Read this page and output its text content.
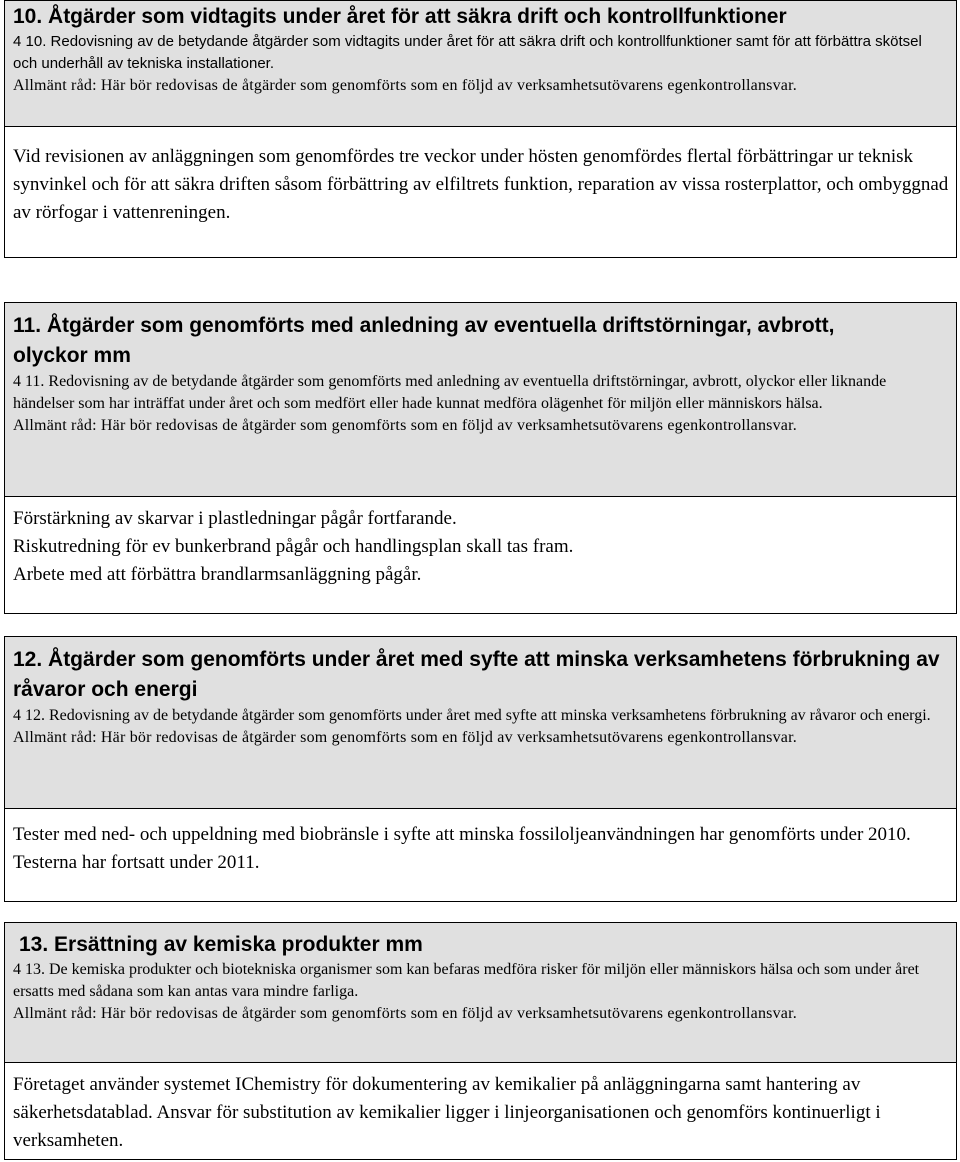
10. Åtgärder som vidtagits under året för att säkra drift och kontrollfunktioner

4 10. Redovisning av de betydande åtgärder som vidtagits under året för att säkra drift och kontrollfunktioner samt för att förbättra skötsel och underhåll av tekniska installationer.

Allmänt råd: Här bör redovisas de åtgärder som genomförts som en följd av verksamhetsutövarens egenkontrollansvar.

Vid revisionen av anläggningen som genomfördes tre veckor under hösten genomfördes flertal förbättringar ur teknisk synvinkel och för att säkra driften såsom förbättring av elfiltrets funktion, reparation av vissa rosterplattor, och ombyggnad av rörfogar i vattenreningen.

11. Åtgärder som genomförts med anledning av eventuella driftstörningar, avbrott, olyckor mm

4 11. Redovisning av de betydande åtgärder som genomförts med anledning av eventuella driftstörningar, avbrott, olyckor eller liknande händelser som har inträffat under året och som medfört eller hade kunnat medföra olägenhet för miljön eller människors hälsa.

Allmänt råd: Här bör redovisas de åtgärder som genomförts som en följd av verksamhetsutövarens egenkontrollansvar.

Förstärkning av skarvar i plastledningar pågår fortfarande.

Riskutredning för ev bunkerbrand pågår och handlingsplan skall tas fram.

Arbete med att förbättra brandlarmsanläggning pågår.

12. Åtgärder som genomförts under året med syfte att minska verksamhetens förbrukning av råvaror och energi

4 12. Redovisning av de betydande åtgärder som genomförts under året med syfte att minska verksamhetens förbrukning av råvaror och energi.

Allmänt råd: Här bör redovisas de åtgärder som genomförts som en följd av verksamhetsutövarens egenkontrollansvar.

Tester med ned- och uppeldning med biobränsle i syfte att minska fossiloljeanvändningen har genomförts under 2010. Testerna har fortsatt under 2011.

13. Ersättning av kemiska produkter mm

4 13. De kemiska produkter och biotekniska organismer som kan befaras medföra risker för miljön eller människors hälsa och som under året ersatts med sådana som kan antas vara mindre farliga.

Allmänt råd: Här bör redovisas de åtgärder som genomförts som en följd av verksamhetsutövarens egenkontrollansvar.

Företaget använder systemet IChemistry för dokumentering av kemikalier på anläggningarna samt hantering av säkerhetsdatablad. Ansvar för substitution av kemikalier ligger i linjeorganisationen och genomförs kontinuerligt i verksamheten.
